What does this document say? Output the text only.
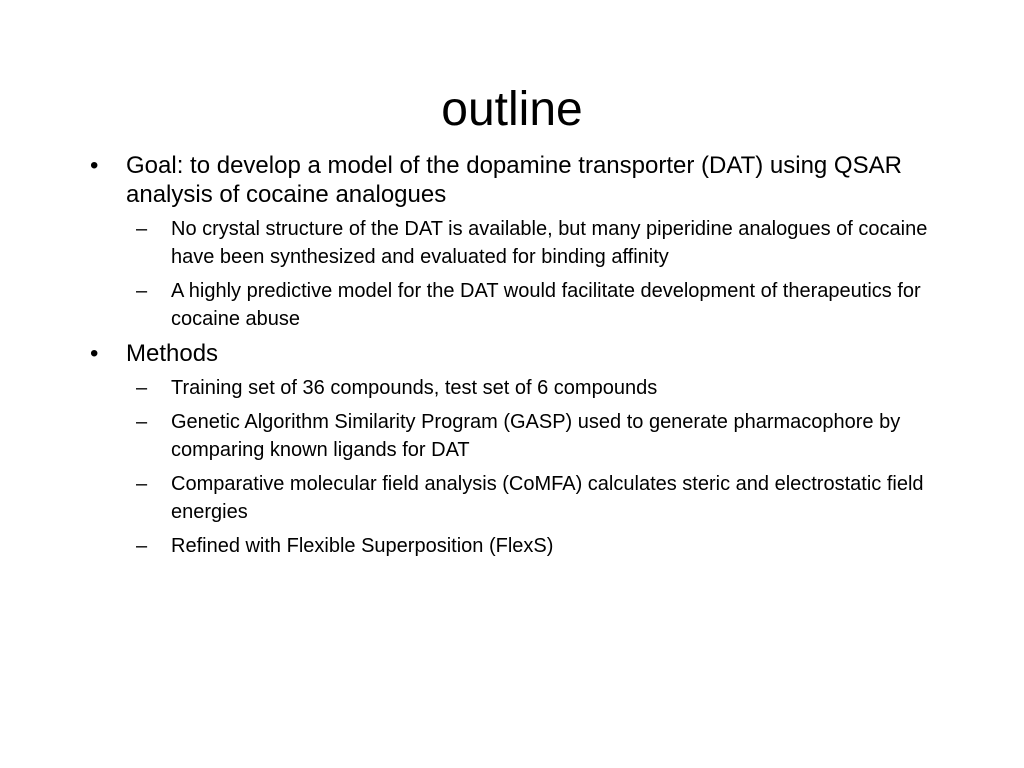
outline
• Goal: to develop a model of the dopamine transporter (DAT) using QSAR analysis of cocaine analogues
– No crystal structure of the DAT is available, but many piperidine analogues of cocaine have been synthesized and evaluated for binding affinity
– A highly predictive model for the DAT would facilitate development of therapeutics for cocaine abuse
• Methods
– Training set of 36 compounds, test set of 6 compounds
– Genetic Algorithm Similarity Program (GASP) used to generate pharmacophore by comparing known ligands for DAT
– Comparative molecular field analysis (CoMFA) calculates steric and electrostatic field energies
– Refined with Flexible Superposition (FlexS)
